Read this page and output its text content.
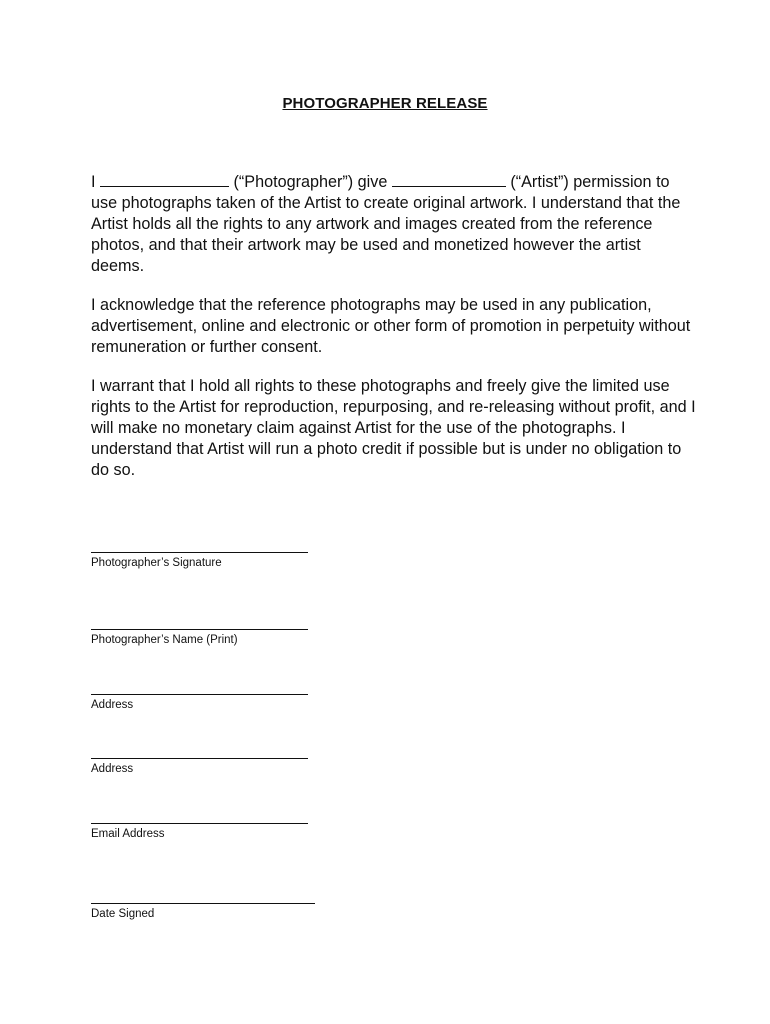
PHOTOGRAPHER RELEASE

I	(“Photographer”) give	(“Artist”) permission to use photographs taken of the Artist to create original artwork. I understand that the Artist holds all the rights to any artwork and images created from the reference photos, and that their artwork may be used and monetized however the artist deems.

I acknowledge that the reference photographs may be used in any publication, advertisement, online and electronic or other form of promotion in perpetuity without remuneration or further consent.

I warrant that I hold all rights to these photographs and freely give the limited use rights to the Artist for reproduction, repurposing, and re-releasing without profit, and I will make no monetary claim against Artist for the use of the photographs. I understand that Artist will run a photo credit if possible but is under no obligation to do so.

Photographer’s Signature
Photographer’s Name (Print)
Address
Address
Email Address
Date Signed
